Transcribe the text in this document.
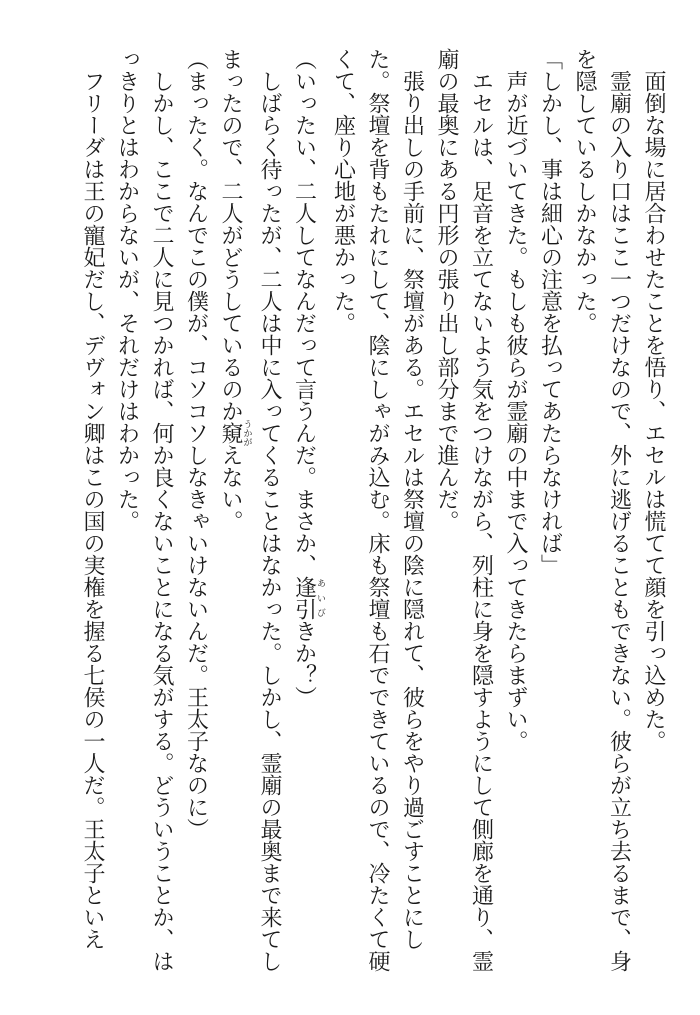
面倒な場に居合わせたことを悟り、エセルは慌てて顔を引っ込めた。
霊廟の入り口はここ一つだけなので、外に逃げることもできない。彼らが立ち去るまで、身
を隠しているしかなかった。
「しかし、事は細心の注意を払ってあたらなければ」
声が近づいてきた。もしも彼らが霊廟の中まで入ってきたらまずい。
エセルは、足音を立てないよう気をつけながら、列柱に身を隠すようにして側廊を通り、霊
廟の最奥にある円形の張り出し部分まで進んだ。
張り出しの手前に、祭壇がある。エセルは祭壇の陰に隠れて、彼らをやり過ごすことにし
た。祭壇を背もたれにして、陰にしゃがみ込む。床も祭壇も石でできているので、冷たくて硬
くて、座り心地が悪かった。
（いったい、二人してなんだって言うんだ。まさか、逢引あいびきか？）
しばらく待ったが、二人は中に入ってくることはなかった。しかし、霊廟の最奥まで来てし
まったので、二人がどうしているのか窺うかがえない。
（まったく。なんでこの僕が、コソコソしなきゃいけないんだ。王太子なのに）
しかし、ここで二人に見つかれば、何か良くないことになる気がする。どういうことか、は
っきりとはわからないが、それだけはわかった。
フリーダは王の寵妃だし、デヴォン卿はこの国の実権を握る七侯の一人だ。王太子といえ
